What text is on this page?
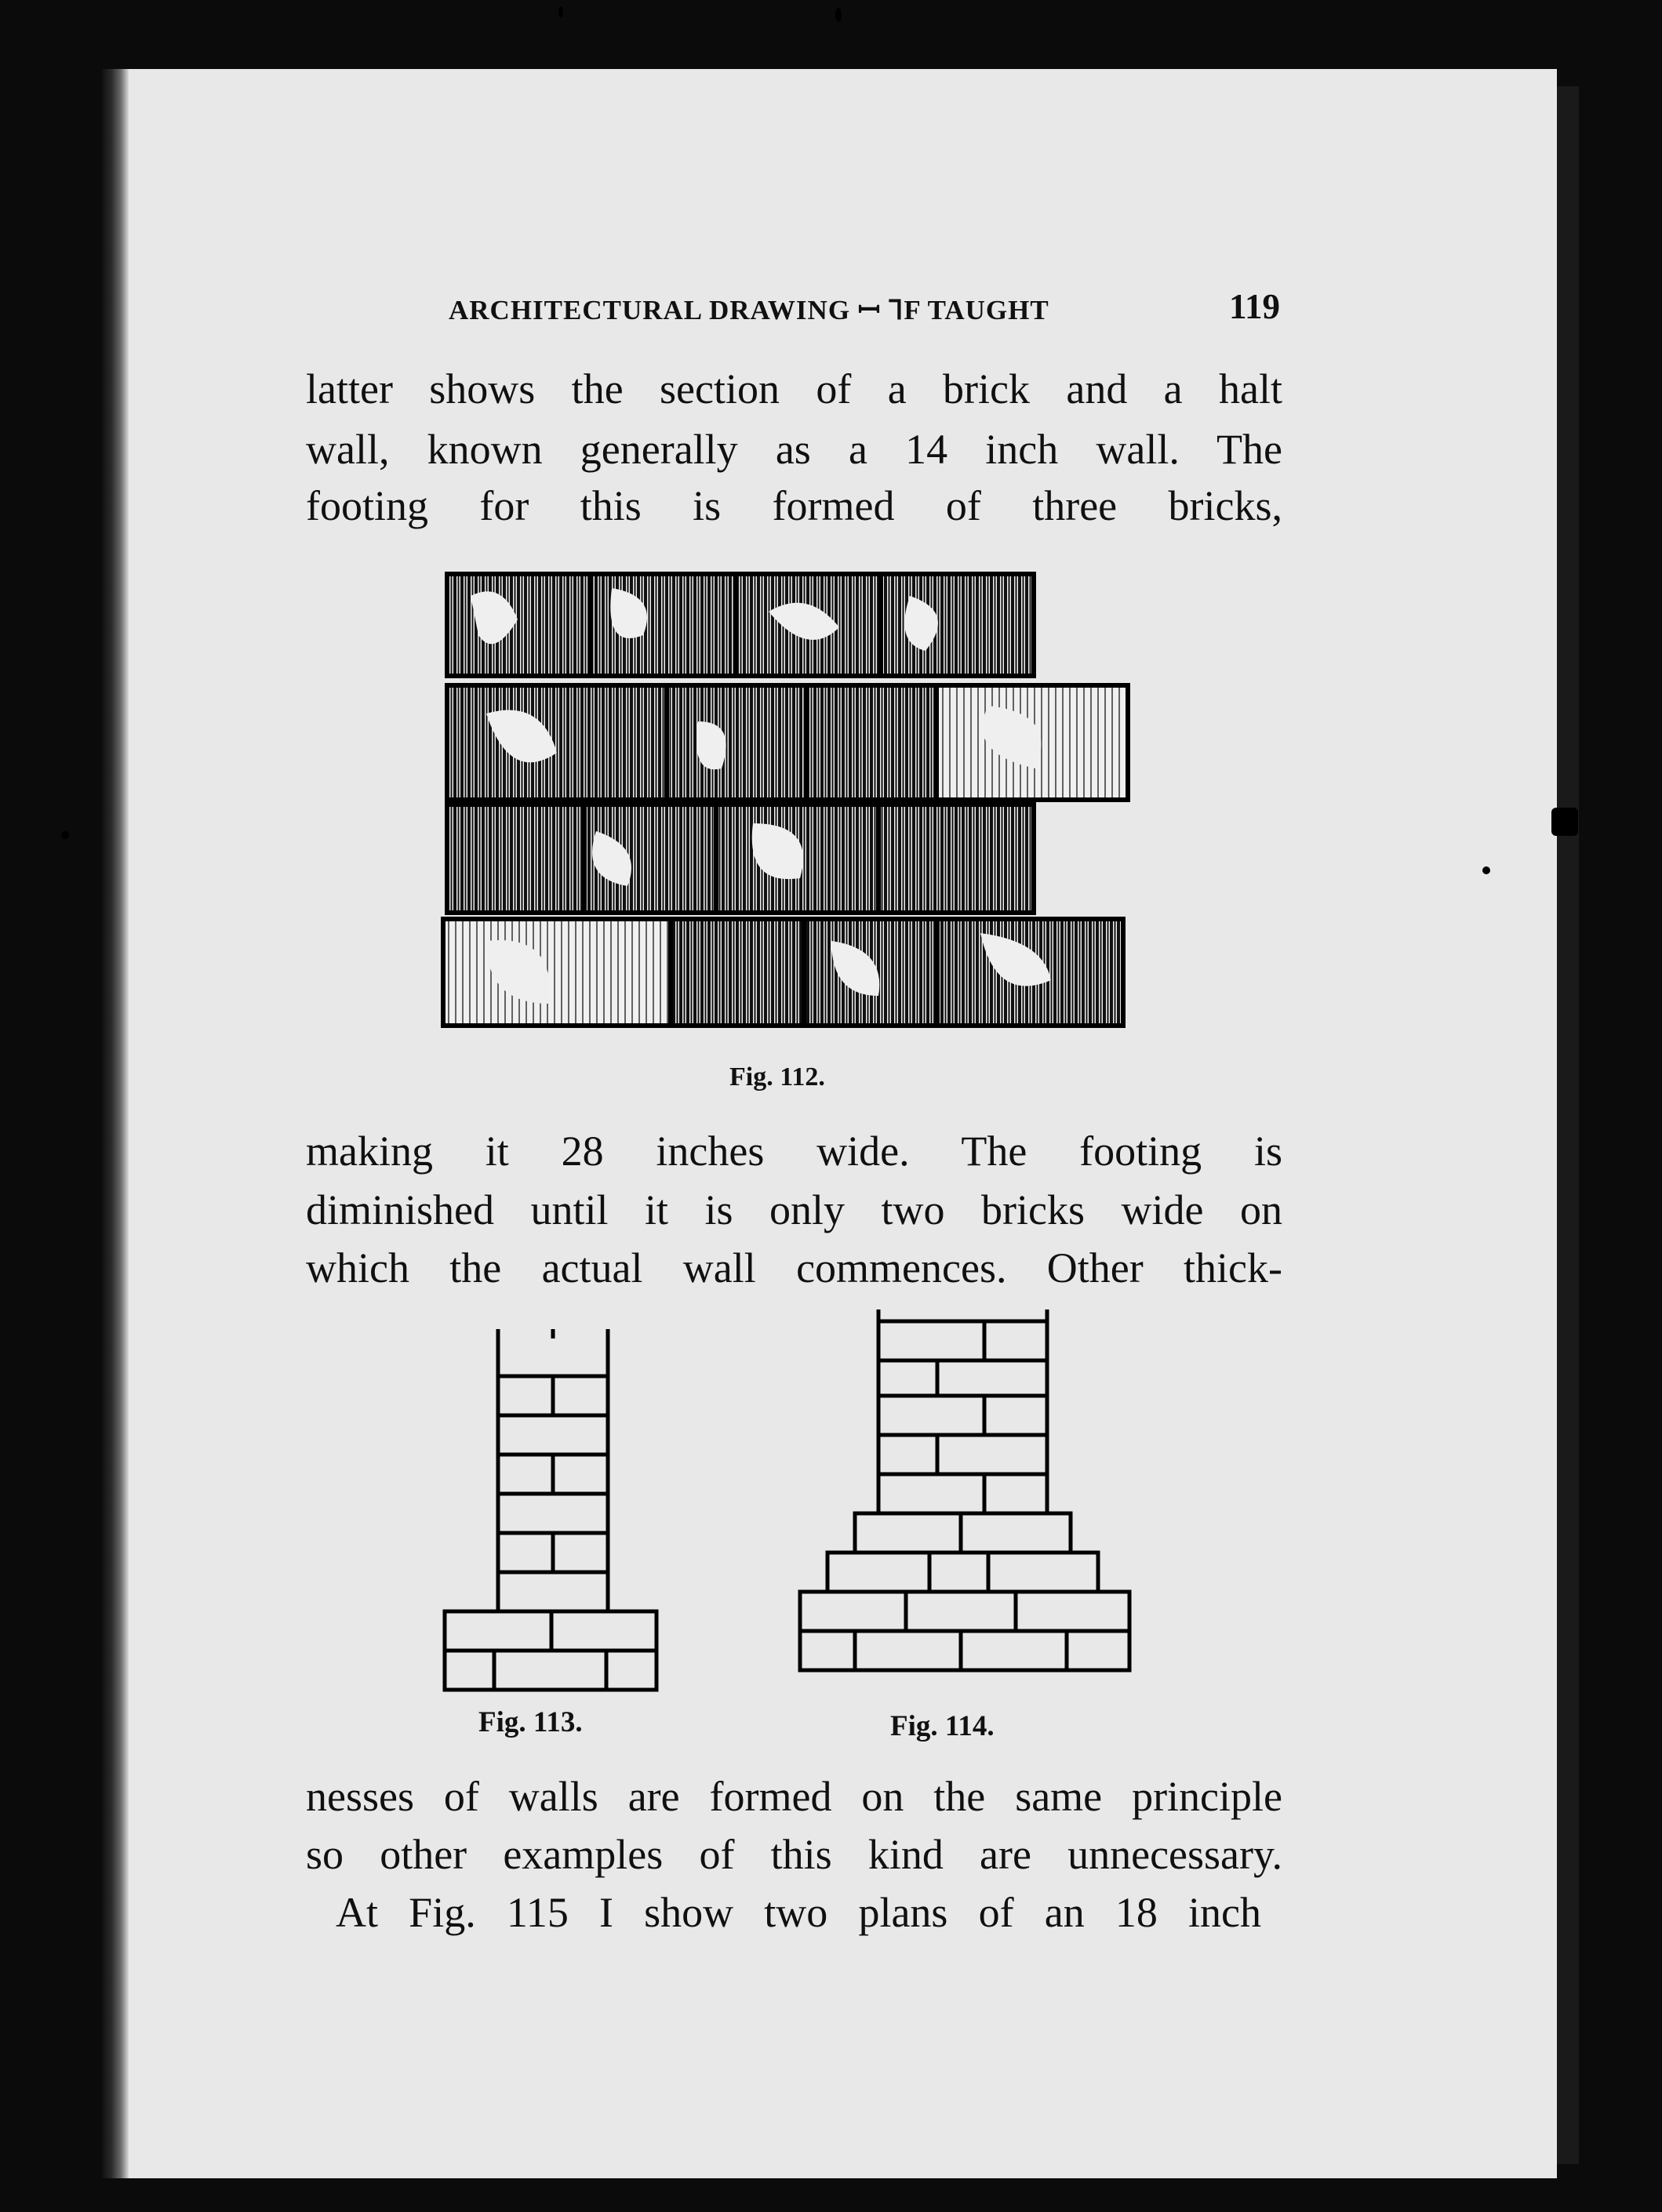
ARCHITECTURAL DRAWING ꟷ ꞀF TAUGHT	119
latter shows the section of a brick and a halt
wall, known generally as a 14 inch wall. The
footing for this is formed of three bricks,
Fig. 112.
making it 28 inches wide. The footing is
diminished until it is only two bricks wide on
which the actual wall commences. Other thick-
Fig. 113.	Fig. 114.
nesses of walls are formed on the same principle
so other examples of this kind are unnecessary.
At Fig. 115 I show two plans of an 18 inch
